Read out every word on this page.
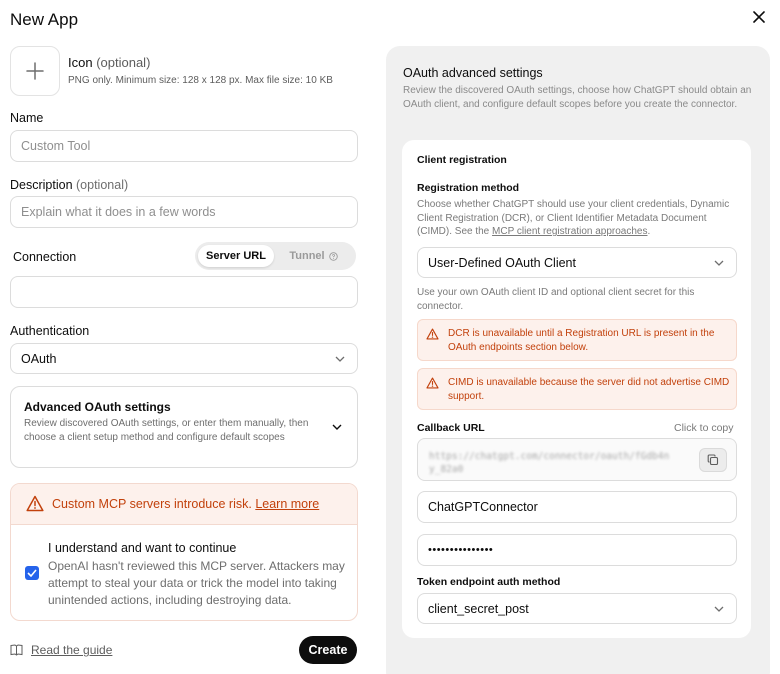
New App
Icon (optional)
PNG only. Minimum size: 128 x 128 px. Max file size: 10 KB
Name
Custom Tool
Description (optional)
Explain what it does in a few words
Connection	Server URL	Tunnel
Authentication
OAuth
Advanced OAuth settings
Review discovered OAuth settings, or enter them manually, then choose a client setup method and configure default scopes
Custom MCP servers introduce risk. Learn more
I understand and want to continue
OpenAI hasn't reviewed this MCP server. Attackers may attempt to steal your data or trick the model into taking unintended actions, including destroying data.
Read the guide	Create
OAuth advanced settings
Review the discovered OAuth settings, choose how ChatGPT should obtain an OAuth client, and configure default scopes before you create the connector.
Client registration
Registration method
Choose whether ChatGPT should use your client credentials, Dynamic Client Registration (DCR), or Client Identifier Metadata Document (CIMD). See the MCP client registration approaches.
User-Defined OAuth Client
Use your own OAuth client ID and optional client secret for this connector.
DCR is unavailable until a Registration URL is present in the OAuth endpoints section below.
CIMD is unavailable because the server did not advertise CIMD support.
Callback URL	Click to copy
https://chatgpt.com/connector/oauth/fGdb4n
y_82a0
ChatGPTConnector
•••••••••••••••
Token endpoint auth method
client_secret_post
